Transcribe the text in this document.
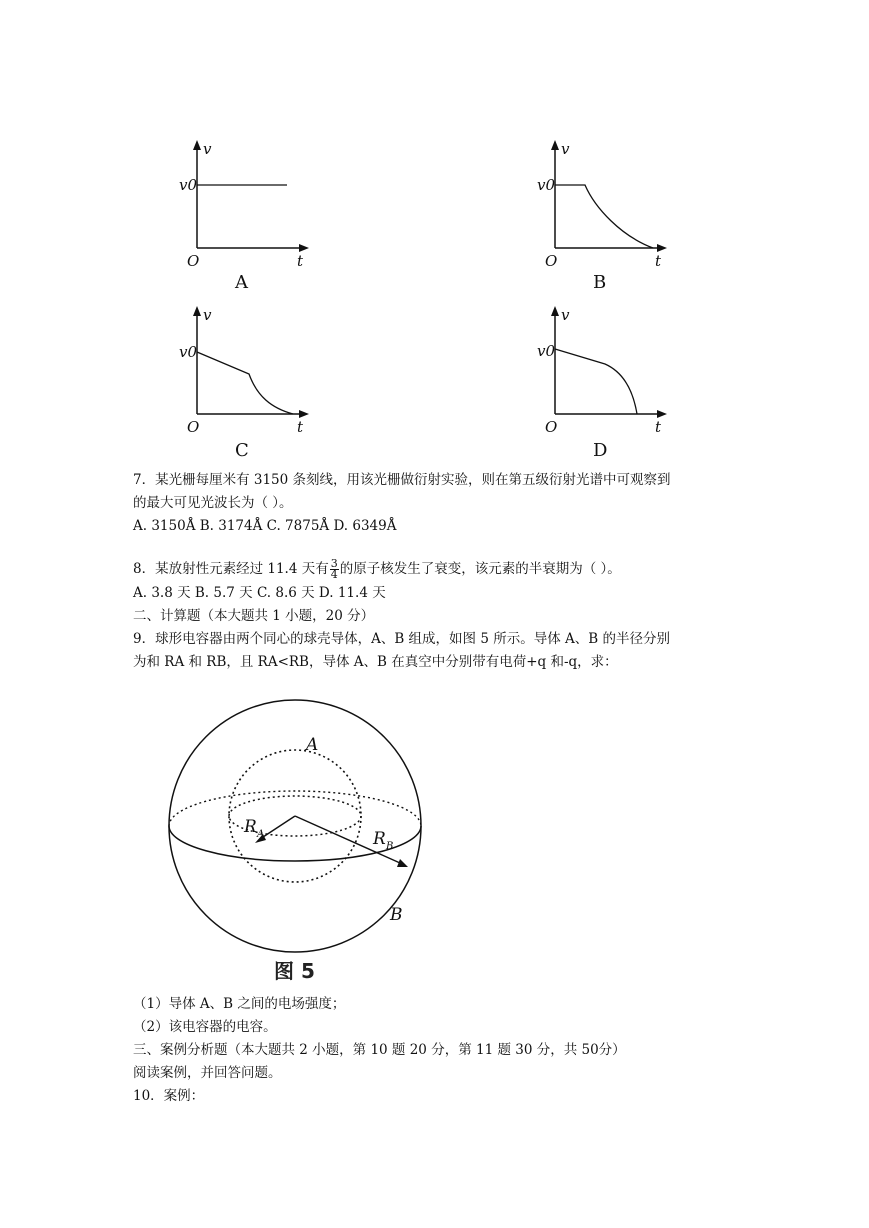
v
v0
O	t
A
v
v0
O	t
B
v
v0
O	t
C
v
v0
O	t
D
7．某光栅每厘米有 3150 条刻线，用该光栅做衍射实验，则在第五级衍射光谱中可观察到
的最大可见光波长为（ ）。
A. 3150Å B. 3174Å C. 7875Å D. 6349Å
8．某放射性元素经过 11.4 天有 $\frac{3}{4}$ 的原子核发生了衰变，该元素的半衰期为（ ）。
A. 3.8 天 B. 5.7 天 C. 8.6 天 D. 11.4 天
二、计算题（本大题共 1 小题，20 分）
9．球形电容器由两个同心的球壳导体，A、B 组成，如图 5 所示。导体 A、B 的半径分别
为和 RA 和 RB，且 RA<RB，导体 A、B 在真空中分别带有电荷+q 和-q，求：
A
B
R A	R B
图 5
（1）导体 A、B 之间的电场强度；
（2）该电容器的电容。
三、案例分析题（本大题共 2 小题，第 10 题 20 分，第 11 题 30 分，共 50分）
阅读案例，并回答问题。
10．案例：
